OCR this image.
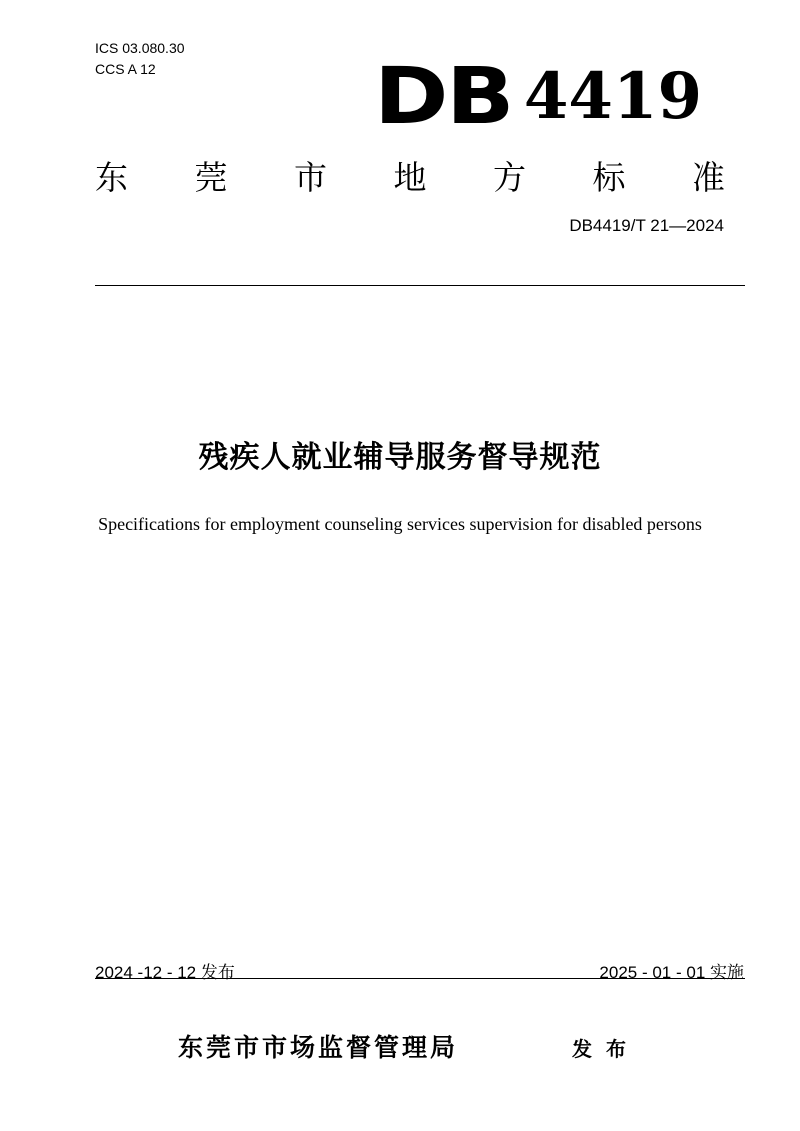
ICS 03.080.30
CCS A 12	DB 4419
东 莞 市 地 方 标 准
DB4419/T 21—2024
残疾人就业辅导服务督导规范
Specifications for employment counseling services supervision for disabled persons
2024 -12 - 12 发布	2025 - 01 - 01 实施
东莞市市场监督管理局	发布
